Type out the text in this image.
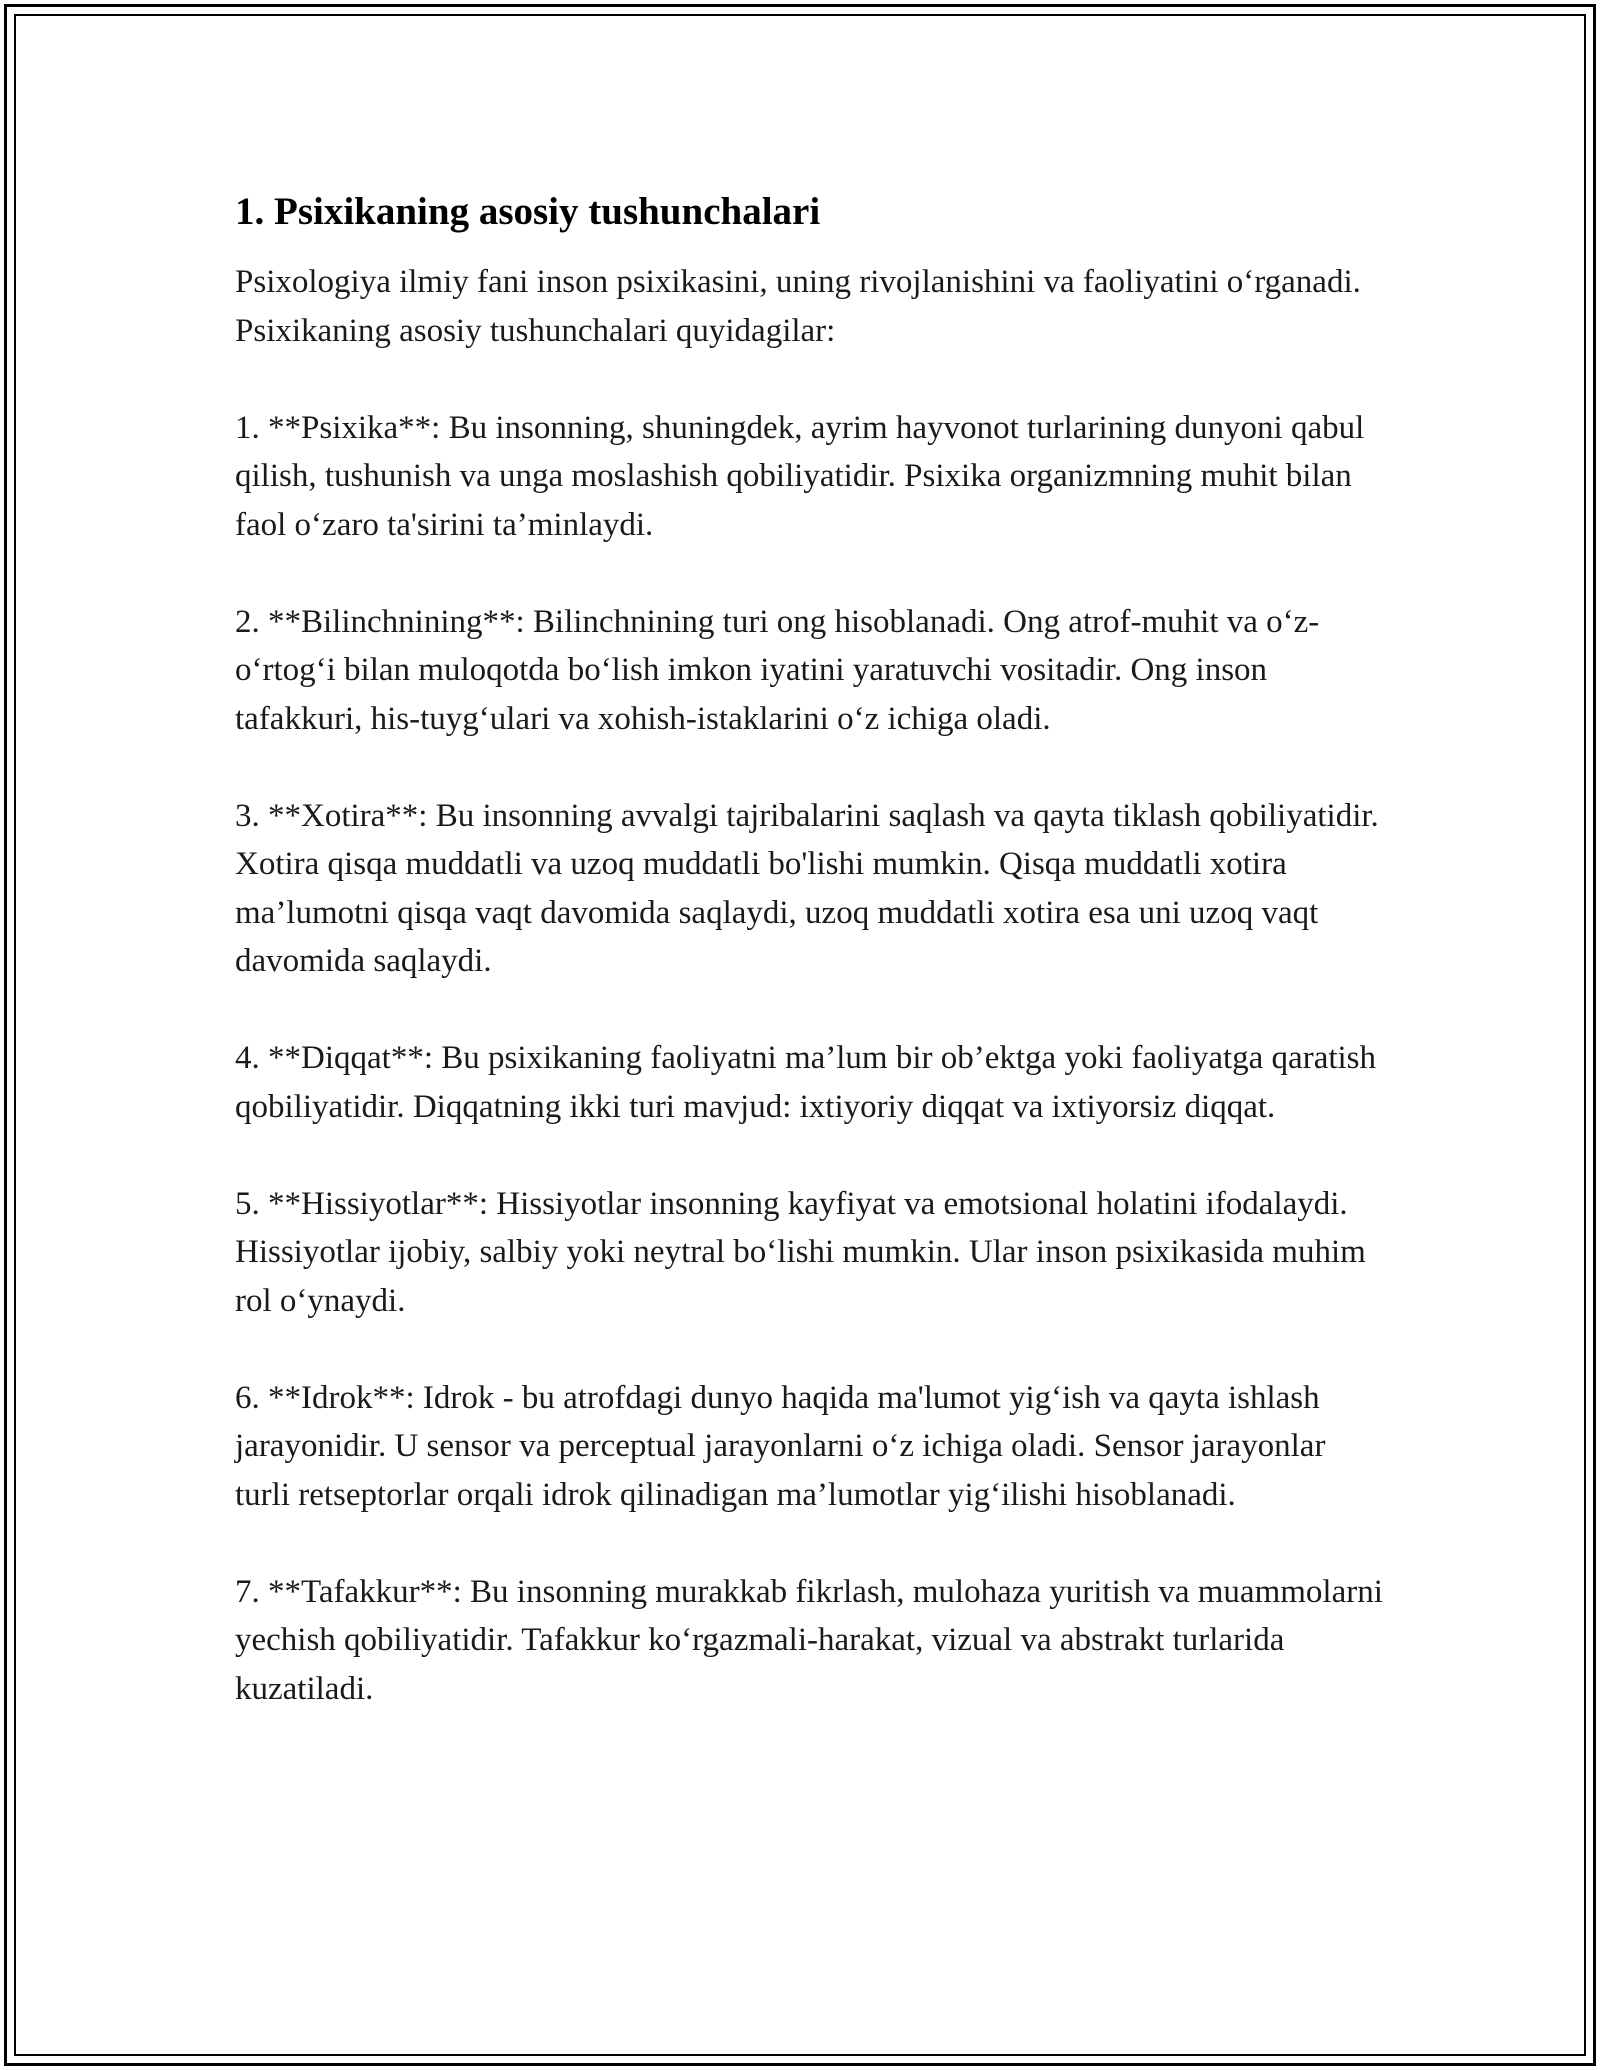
1. Psixikaning asosiy tushunchalari

Psixologiya ilmiy fani inson psixikasini, uning rivojlanishini va faoliyatini o‘rganadi. Psixikaning asosiy tushunchalari quyidagilar:

1. **Psixika**: Bu insonning, shuningdek, ayrim hayvonot turlarining dunyoni qabul qilish, tushunish va unga moslashish qobiliyatidir. Psixika organizmning muhit bilan faol o‘zaro ta'sirini ta’minlaydi.

2. **Bilinchnining**: Bilinchnining turi ong hisoblanadi. Ong atrof-muhit va o‘z-o‘rtog‘i bilan muloqotda bo‘lish imkon iyatini yaratuvchi vositadir. Ong inson tafakkuri, his-tuyg‘ulari va xohish-istaklarini o‘z ichiga oladi.

3. **Xotira**: Bu insonning avvalgi tajribalarini saqlash va qayta tiklash qobiliyatidir. Xotira qisqa muddatli va uzoq muddatli bo'lishi mumkin. Qisqa muddatli xotira ma’lumotni qisqa vaqt davomida saqlaydi, uzoq muddatli xotira esa uni uzoq vaqt davomida saqlaydi.

4. **Diqqat**: Bu psixikaning faoliyatni ma’lum bir ob’ektga yoki faoliyatga qaratish qobiliyatidir. Diqqatning ikki turi mavjud: ixtiyoriy diqqat va ixtiyorsiz diqqat.

5. **Hissiyotlar**: Hissiyotlar insonning kayfiyat va emotsional holatini ifodalaydi. Hissiyotlar ijobiy, salbiy yoki neytral bo‘lishi mumkin. Ular inson psixikasida muhim rol o‘ynaydi.

6. **Idrok**: Idrok - bu atrofdagi dunyo haqida ma'lumot yig‘ish va qayta ishlash jarayonidir. U sensor va perceptual jarayonlarni o‘z ichiga oladi. Sensor jarayonlar turli retseptorlar orqali idrok qilinadigan ma’lumotlar yig‘ilishi hisoblanadi.

7. **Tafakkur**: Bu insonning murakkab fikrlash, mulohaza yuritish va muammolarni yechish qobiliyatidir. Tafakkur ko‘rgazmali-harakat, vizual va abstrakt turlarida kuzatiladi.
